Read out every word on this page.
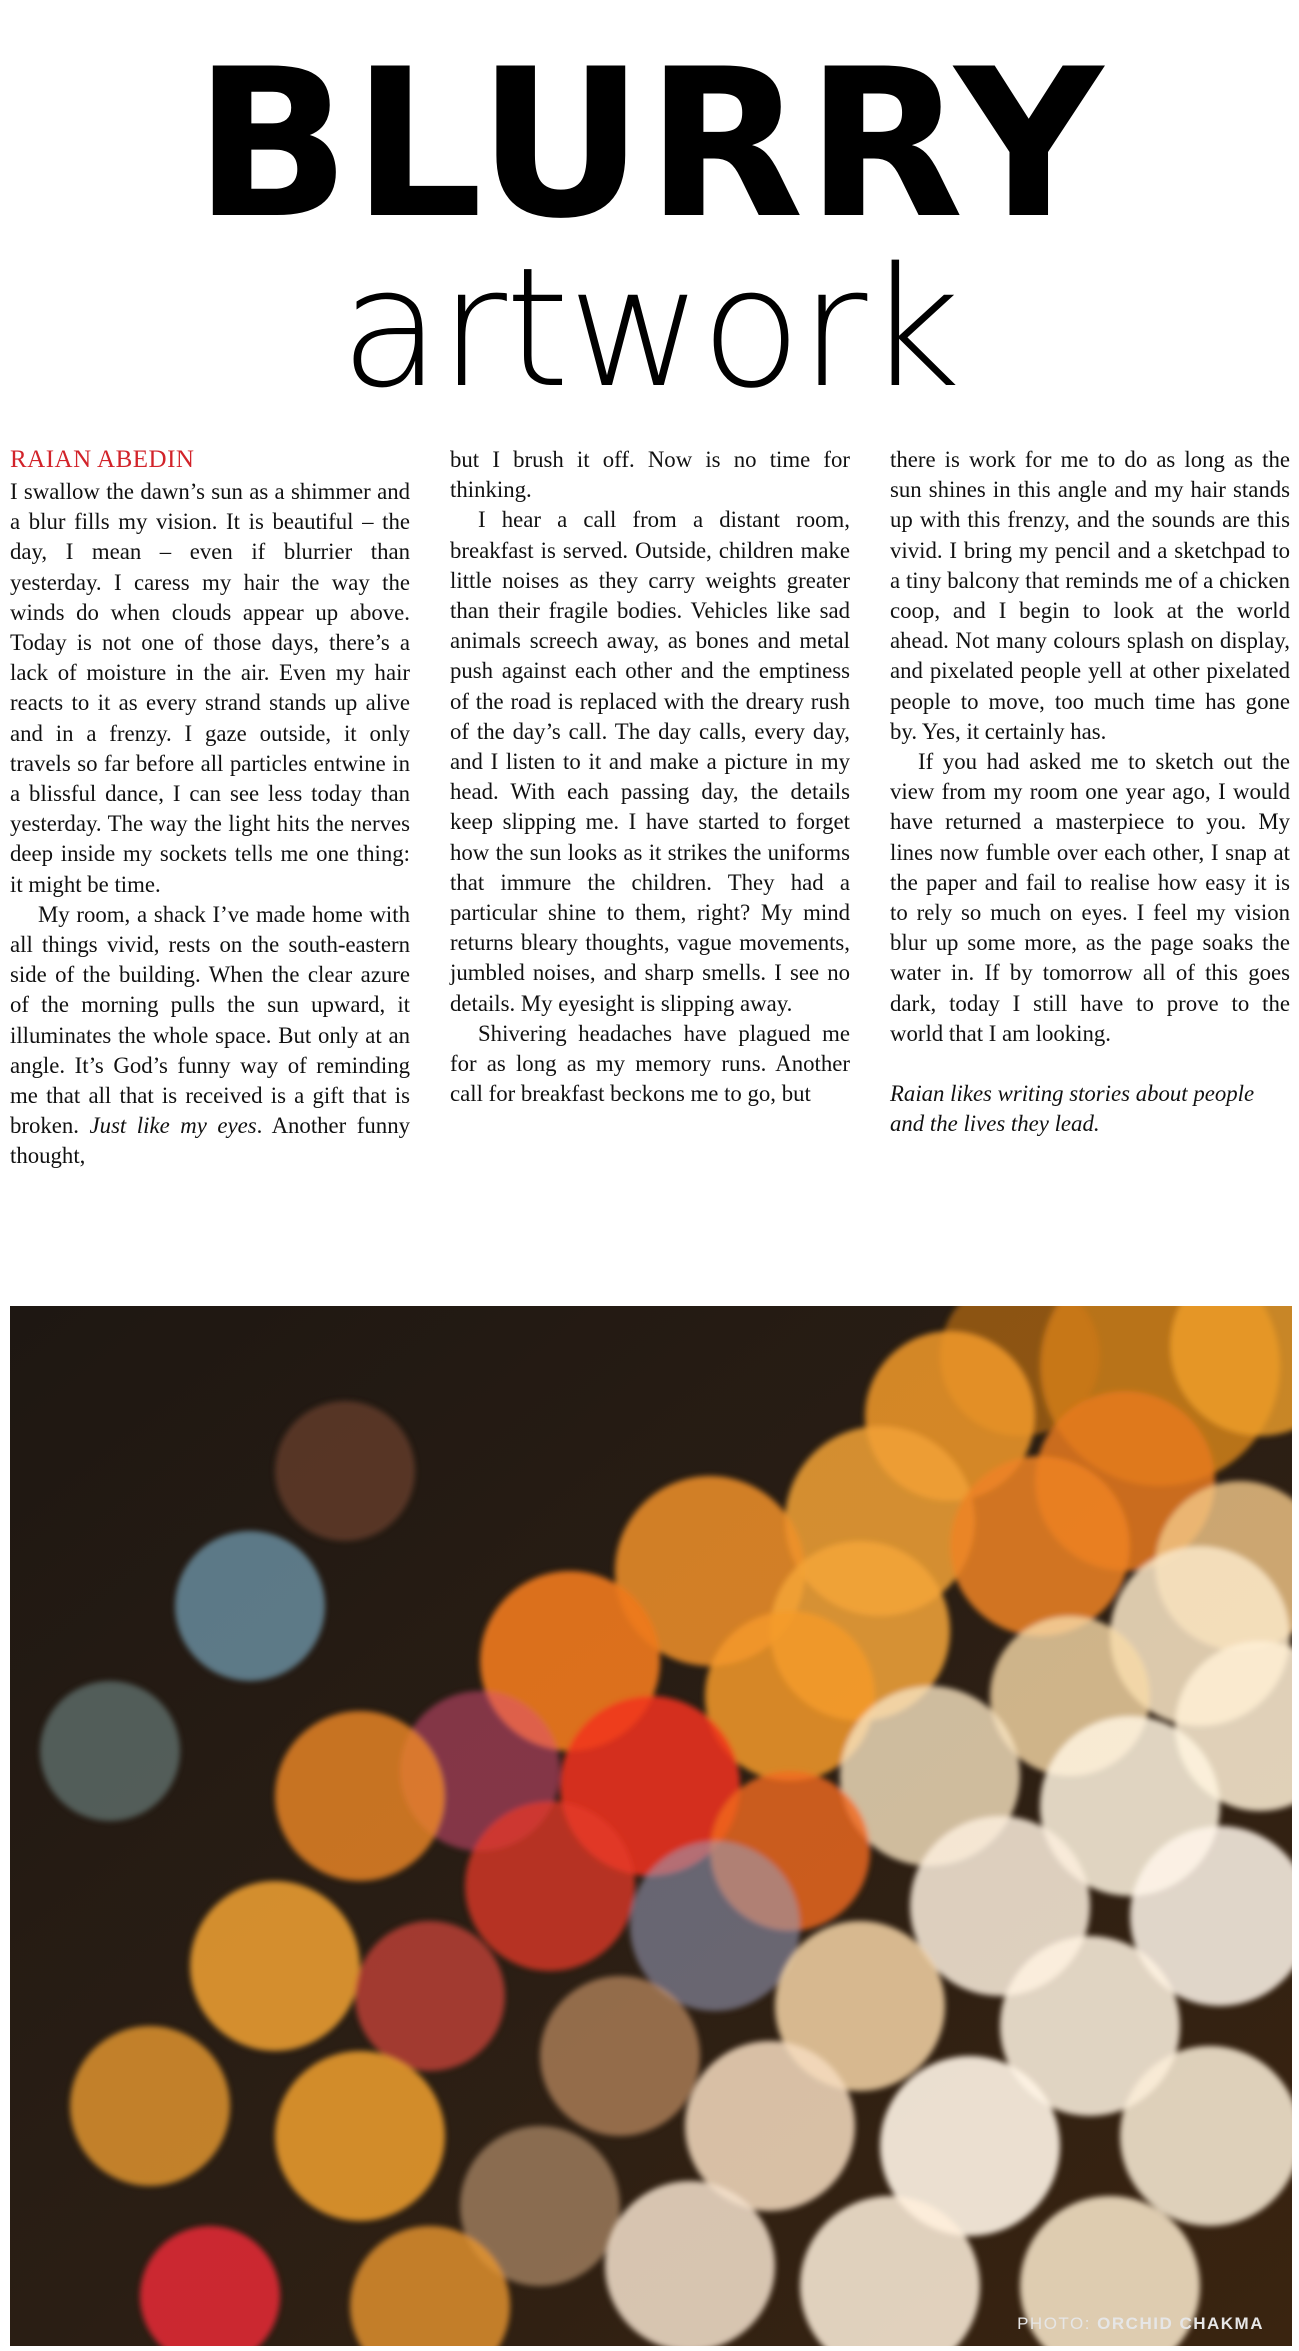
BLURRY
artwork
RAIAN ABEDIN

I swallow the dawn’s sun as a shimmer and a blur fills my vision. It is beautiful – the day, I mean – even if blurrier than yesterday. I caress my hair the way the winds do when clouds appear up above. Today is not one of those days, there’s a lack of moisture in the air. Even my hair reacts to it as every strand stands up alive and in a frenzy. I gaze outside, it only travels so far before all particles entwine in a blissful dance, I can see less today than yesterday. The way the light hits the nerves deep inside my sockets tells me one thing: it might be time.

My room, a shack I’ve made home with all things vivid, rests on the south-eastern side of the building. When the clear azure of the morning pulls the sun upward, it illuminates the whole space. But only at an angle. It’s God’s funny way of reminding me that all that is received is a gift that is broken. Just like my eyes. Another funny thought,

but I brush it off. Now is no time for thinking.

I hear a call from a distant room, breakfast is served. Outside, children make little noises as they carry weights greater than their fragile bodies. Vehicles like sad animals screech away, as bones and metal push against each other and the emptiness of the road is replaced with the dreary rush of the day’s call. The day calls, every day, and I listen to it and make a picture in my head. With each passing day, the details keep slipping me. I have started to forget how the sun looks as it strikes the uniforms that immure the children. They had a particular shine to them, right? My mind returns bleary thoughts, vague movements, jumbled noises, and sharp smells. I see no details. My eyesight is slipping away.

Shivering headaches have plagued me for as long as my memory runs. Another call for breakfast beckons me to go, but

there is work for me to do as long as the sun shines in this angle and my hair stands up with this frenzy, and the sounds are this vivid. I bring my pencil and a sketchpad to a tiny balcony that reminds me of a chicken coop, and I begin to look at the world ahead. Not many colours splash on display, and pixelated people yell at other pixelated people to move, too much time has gone by. Yes, it certainly has.

If you had asked me to sketch out the view from my room one year ago, I would have returned a masterpiece to you. My lines now fumble over each other, I snap at the paper and fail to realise how easy it is to rely so much on eyes. I feel my vision blur up some more, as the page soaks the water in. If by tomorrow all of this goes dark, today I still have to prove to the world that I am looking.

Raian likes writing stories about people and the lives they lead.

PHOTO: ORCHID CHAKMA
